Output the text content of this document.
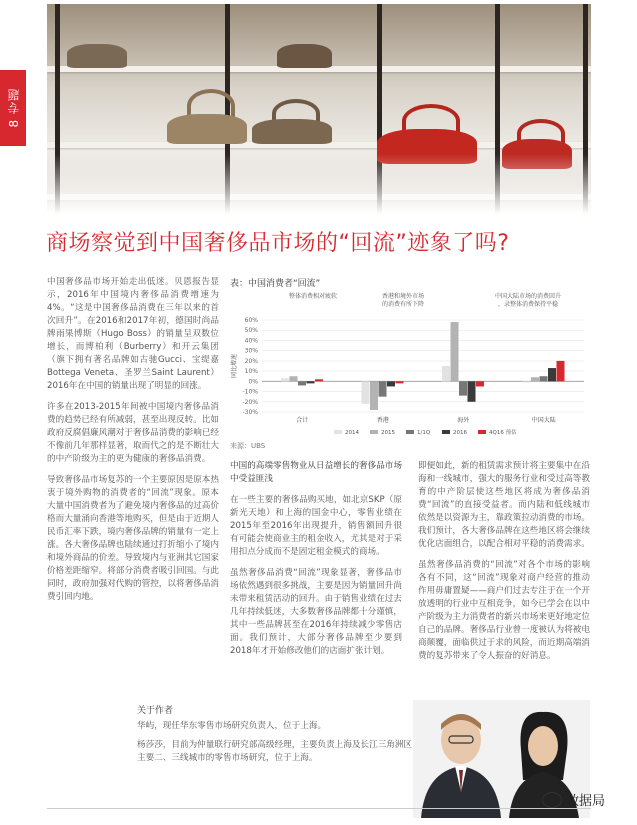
8 专题
商场察觉到中国奢侈品市场的“回流”迹象了吗?

中国奢侈品市场开始走出低迷。贝恩报告显示，2016年中国境内奢侈品消费增速为4%。“这是中国奢侈品消费在三年以来的首次回升”。在2016和2017年初，德国时尚品牌雨果博斯（Hugo Boss）的销量呈双数位增长，而博柏利（Burberry）和开云集团（旗下拥有著名品牌如古驰Gucci、宝缇嘉Bottega Veneta、圣罗兰Saint Laurent）2016年在中国的销量出现了明显的回涨。

许多在2013-2015年间被中国境内奢侈品消费的趋势已经有所减弱，甚至出现反转。比如政府反腐倡廉风潮对于奢侈品消费的影响已经不像前几年那样显著，取而代之的是不断壮大的中产阶级为主的更为健康的奢侈品消费。

导致奢侈品市场复苏的一个主要原因是原本热衷于境外购物的消费者的“回流”现象。原本大量中国消费者为了避免境内奢侈品的过高价格而大量涌向香港等地购买，但是由于近期人民币汇率下跌，境内奢侈品牌的销量有一定上涨。各大奢侈品牌也陆续通过打折缩小了境内和境外商品的价差。导致境内与亚洲其它国家价格差距缩窄。将部分消费者吸引回国。与此同时，政府加强对代购的管控，以将奢侈品消费引回内地。

表：中国消费者“回流”
整体消费相对疲软	香港和境外市场的消费有所下降
中国大陆市场的消费回升，录整体消费保持平稳
同比增速
60%
50%
40%
30%
20%
10%
0%
-10%
-20%
-30%
合计	香港	海外	中国大陆
2014	2015	1/1Q	2016	4Q16 预估
来源：UBS

中国的高端零售物业从日益增长的奢侈品市场中受益匪浅

在一些主要的奢侈品购买地，如北京SKP（原新光天地）和上海的国金中心，零售业绩在2015年至2016年出现提升，销售额回升很有可能会使商业主的租金收入，尤其是对于采用扣点分成而不是固定租金模式的商场。

虽然奢侈品消费“回流”现象显著，奢侈品市场依然遇到很多挑战，主要是因为销量回升尚未带来租赁活动的回升。由于销售业绩在过去几年持续低迷，大多数奢侈品牌都十分谨慎，其中一些品牌甚至在2016年持续减少零售店面。我们预计，大部分奢侈品牌至少要到2018年才开始修改他们的店面扩张计划。

即便如此，新的租赁需求预计将主要集中在沿海和一线城市，强大的服务行业和受过高等教育的中产阶层使这些地区将成为奢侈品消费“回流”的直接受益者。而内陆和低线城市依然是以资源为主，靠政策拉动消费的市场。我们预计，各大奢侈品牌在这些地区将会继续优化店面组合，以配合相对平稳的消费需求。

虽然奢侈品消费的“回流”对各个市场的影响各有不同，这“回流”现象对商户经营的推动作用毋庸置疑——商户们过去专注于在一个开放透明的行业中互相竞争，如今已学会在以中产阶级为主力消费者的新兴市场来更好地定位自己的品牌。奢侈品行业曾一度被认为将被电商颠覆，面临供过于求的风险，而近期高端消费的复苏带来了令人振奋的好消息。

关于作者

华屿，现任华东零售市场研究负责人，位于上海。

杨莎莎，目前为仲量联行研究部高级经理，主要负责上海及长江三角洲区主要二、三线城市的零售市场研究，位于上海。

数据局
